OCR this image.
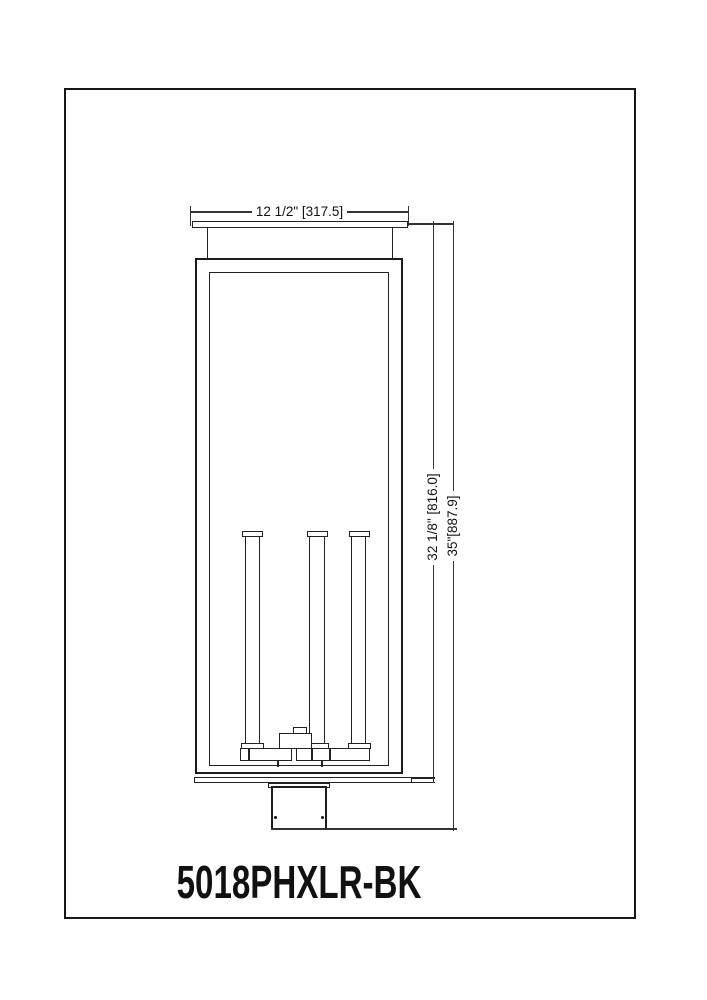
12 1/2" [317.5]
32 1/8" [816.0] 35"[887.9]
5018PHXLR-BK
